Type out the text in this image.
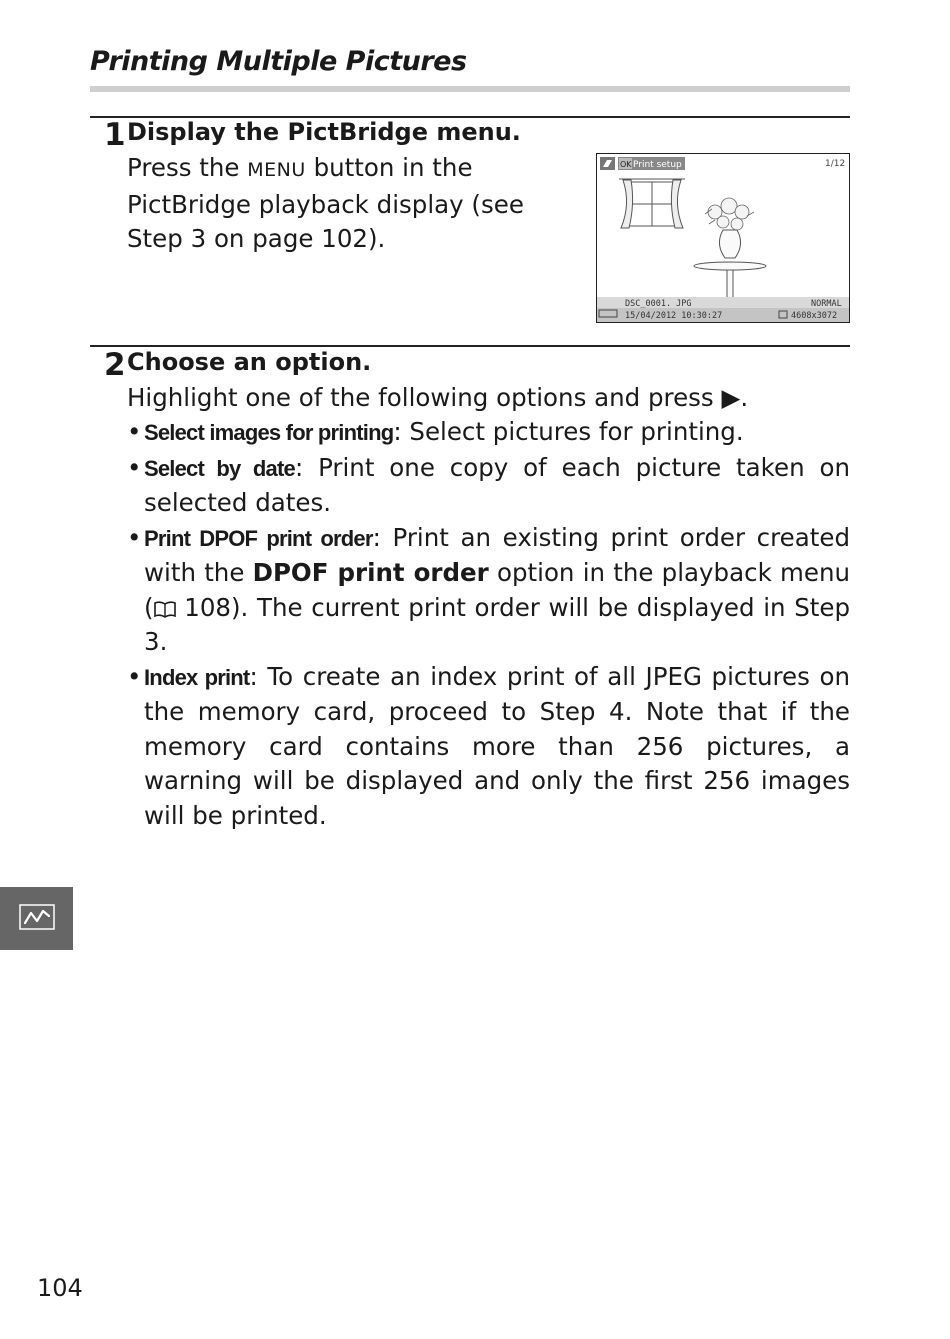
Printing Multiple Pictures
1 Display the PictBridge menu.
Press the MENU button in the PictBridge playback display (see Step 3 on page 102).
OK Print setup	1/12
DSC_0001. JPG	NORMAL
15/04/2012 10:30:27	4608x3072
2 Choose an option.
Highlight one of the following options and press ▶.
• Select images for printing: Select pictures for printing.
• Select by date: Print one copy of each picture taken on selected dates.
• Print DPOF print order: Print an existing print order created with the DPOF print order option in the playback menu ( 108). The current print order will be displayed in Step 3.
• Index print: To create an index print of all JPEG pictures on the memory card, proceed to Step 4. Note that if the memory card contains more than 256 pictures, a warning will be displayed and only the first 256 images will be printed.
104
